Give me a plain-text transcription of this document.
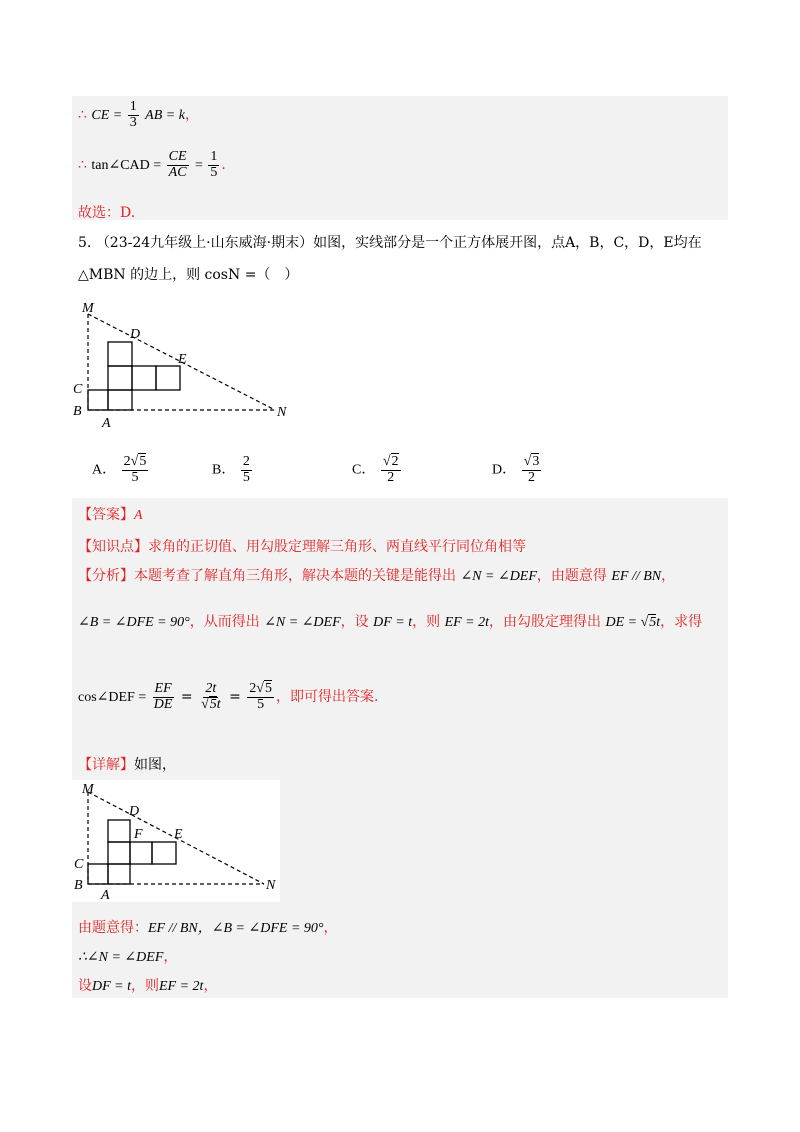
∴ CE = $\frac{1}{3}$ AB = k，
∴ tan∠CAD = $\frac{CE}{AC} = \frac{1}{5}$ .
故选：D.
5. （23-24九年级上·山东威海·期末）如图，实线部分是一个正方体展开图，点A，B，C，D，E均在
△MBN 的边上，则 cosN =（　）
M
D
E
C
B
A
N
A． $\frac{2√5}{5}$	B． $\frac{2}{5}$	C． $\frac{√2}{2}$	D． $\frac{√3}{2}$
【答案】A
【知识点】求角的正切值、用勾股定理解三角形、两直线平行同位角相等
【分析】本题考查了解直角三角形，解决本题的关键是能得出 ∠N = ∠DEF，由题意得 EF // BN，
∠B = ∠DFE = 90°，从而得出 ∠N = ∠DEF，设 DF = t，则 EF = 2t，由勾股定理得出 DE = √5t，求得
cos∠DEF = $\frac{EF}{DE} = \frac{2t}{√5t} = \frac{2√5}{5}$ ，即可得出答案.
【详解】如图，
M
D
F E
C
B
A
N
由题意得：EF // BN，∠B = ∠DFE = 90°，
∴∠N = ∠DEF，
设DF = t，则EF = 2t，
